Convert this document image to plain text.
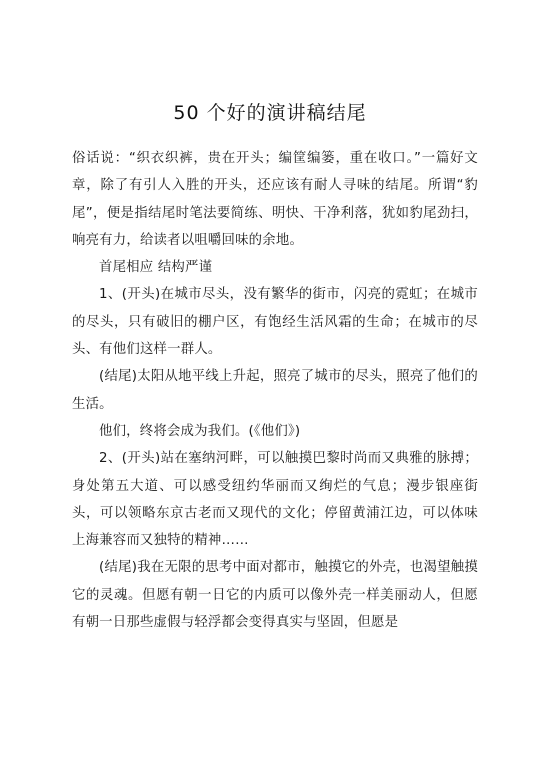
50 个好的演讲稿结尾

俗话说：“织衣织裤，贵在开头；编筐编篓，重在收口。”一篇好文章，除了有引人入胜的开头，还应该有耐人寻味的结尾。所谓“豹尾”，便是指结尾时笔法要简练、明快、干净利落，犹如豹尾劲扫，响亮有力，给读者以咀嚼回味的余地。

首尾相应 结构严谨

1、(开头)在城市尽头，没有繁华的街市，闪亮的霓虹；在城市的尽头，只有破旧的棚户区，有饱经生活风霜的生命；在城市的尽头、有他们这样一群人。

(结尾)太阳从地平线上升起，照亮了城市的尽头，照亮了他们的生活。

他们，终将会成为我们。(《他们》)

2、(开头)站在塞纳河畔，可以触摸巴黎时尚而又典雅的脉搏；身处第五大道、可以感受纽约华丽而又绚烂的气息；漫步银座街头，可以领略东京古老而又现代的文化；停留黄浦江边，可以体味上海兼容而又独特的精神……

(结尾)我在无限的思考中面对都市，触摸它的外壳，也渴望触摸它的灵魂。但愿有朝一日它的内质可以像外壳一样美丽动人，但愿有朝一日那些虚假与轻浮都会变得真实与坚固，但愿是
